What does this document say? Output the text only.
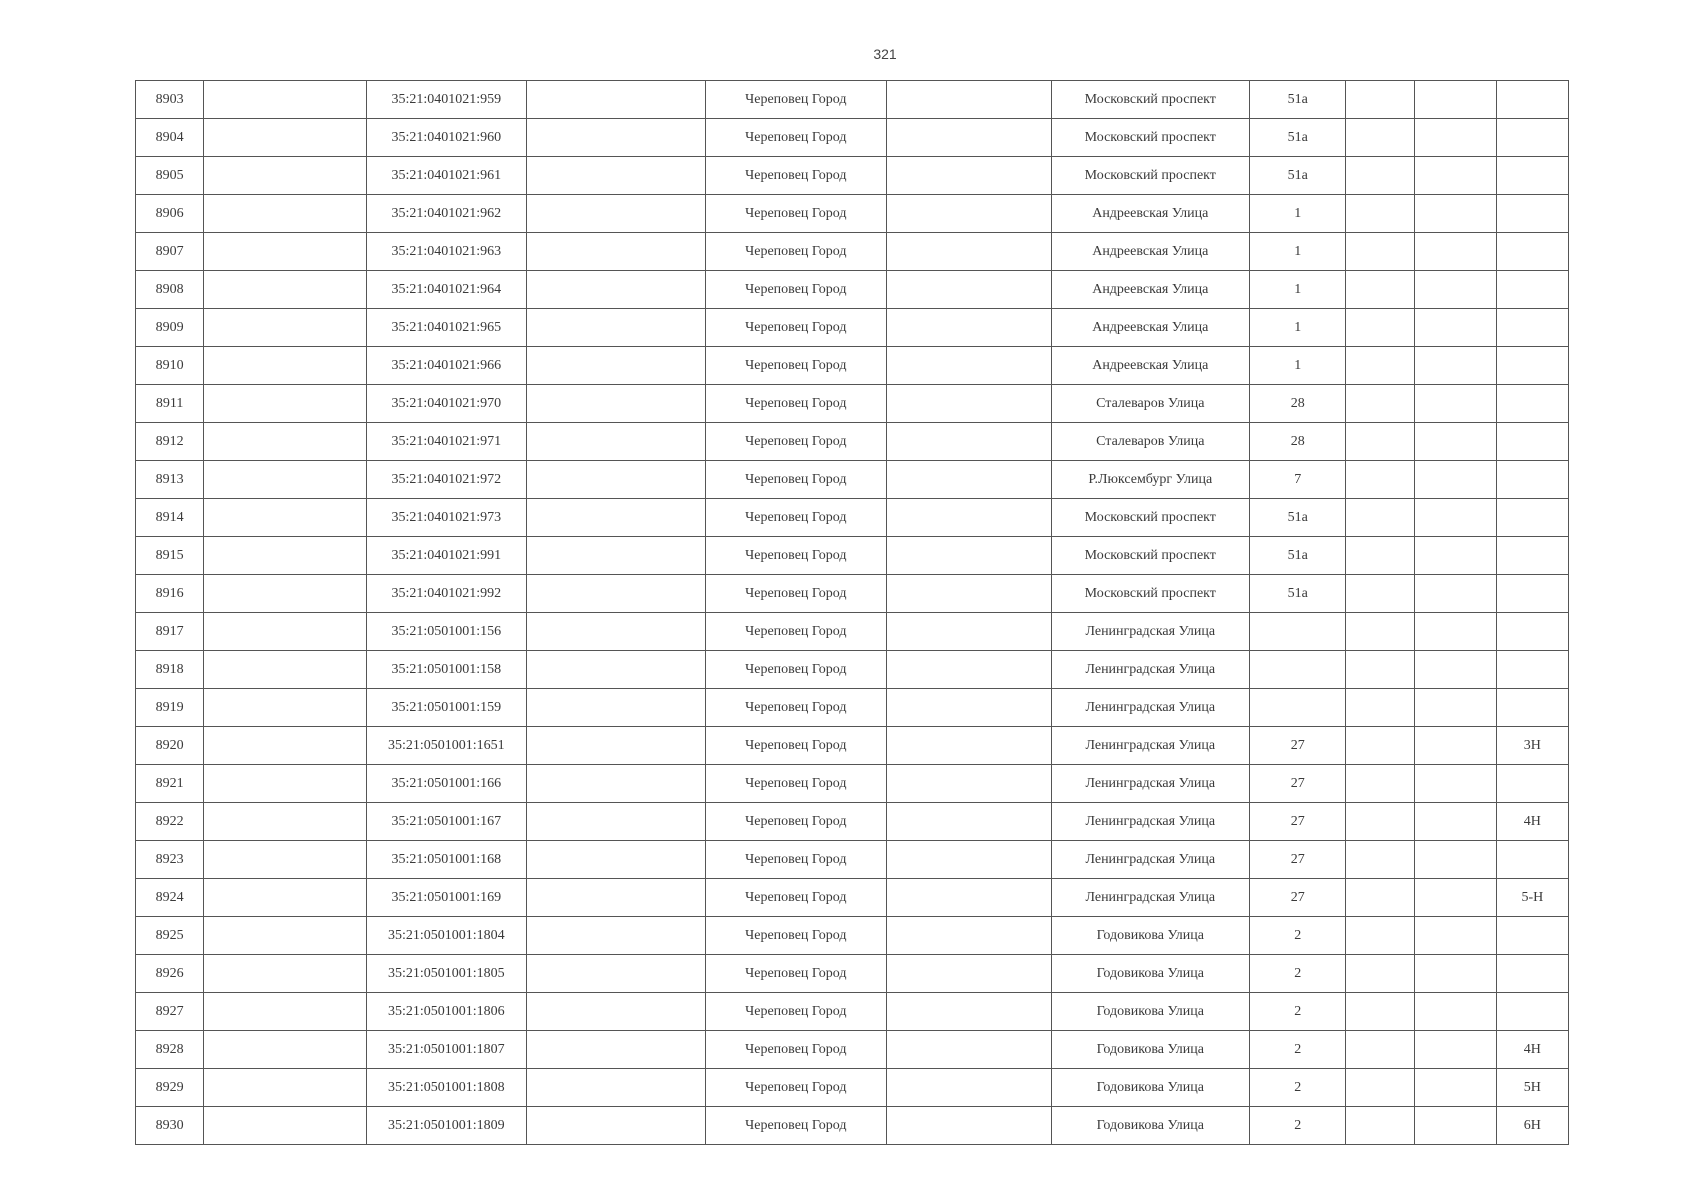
321
8903		35:21:0401021:959		Череповец Город		Московский проспект	51а			
8904		35:21:0401021:960		Череповец Город		Московский проспект	51а			
8905		35:21:0401021:961		Череповец Город		Московский проспект	51а			
8906		35:21:0401021:962		Череповец Город		Андреевская Улица	1			
8907		35:21:0401021:963		Череповец Город		Андреевская Улица	1			
8908		35:21:0401021:964		Череповец Город		Андреевская Улица	1			
8909		35:21:0401021:965		Череповец Город		Андреевская Улица	1			
8910		35:21:0401021:966		Череповец Город		Андреевская Улица	1			
8911		35:21:0401021:970		Череповец Город		Сталеваров Улица	28			
8912		35:21:0401021:971		Череповец Город		Сталеваров Улица	28			
8913		35:21:0401021:972		Череповец Город		Р.Люксембург Улица	7			
8914		35:21:0401021:973		Череповец Город		Московский проспект	51а			
8915		35:21:0401021:991		Череповец Город		Московский проспект	51а			
8916		35:21:0401021:992		Череповец Город		Московский проспект	51а			
8917		35:21:0501001:156		Череповец Город		Ленинградская Улица				
8918		35:21:0501001:158		Череповец Город		Ленинградская Улица				
8919		35:21:0501001:159		Череповец Город		Ленинградская Улица				
8920		35:21:0501001:1651		Череповец Город		Ленинградская Улица	27			3Н
8921		35:21:0501001:166		Череповец Город		Ленинградская Улица	27			
8922		35:21:0501001:167		Череповец Город		Ленинградская Улица	27			4Н
8923		35:21:0501001:168		Череповец Город		Ленинградская Улица	27			
8924		35:21:0501001:169		Череповец Город		Ленинградская Улица	27			5-Н
8925		35:21:0501001:1804		Череповец Город		Годовикова Улица	2			
8926		35:21:0501001:1805		Череповец Город		Годовикова Улица	2			
8927		35:21:0501001:1806		Череповец Город		Годовикова Улица	2			
8928		35:21:0501001:1807		Череповец Город		Годовикова Улица	2			4Н
8929		35:21:0501001:1808		Череповец Город		Годовикова Улица	2			5Н
8930		35:21:0501001:1809		Череповец Город		Годовикова Улица	2			6Н
